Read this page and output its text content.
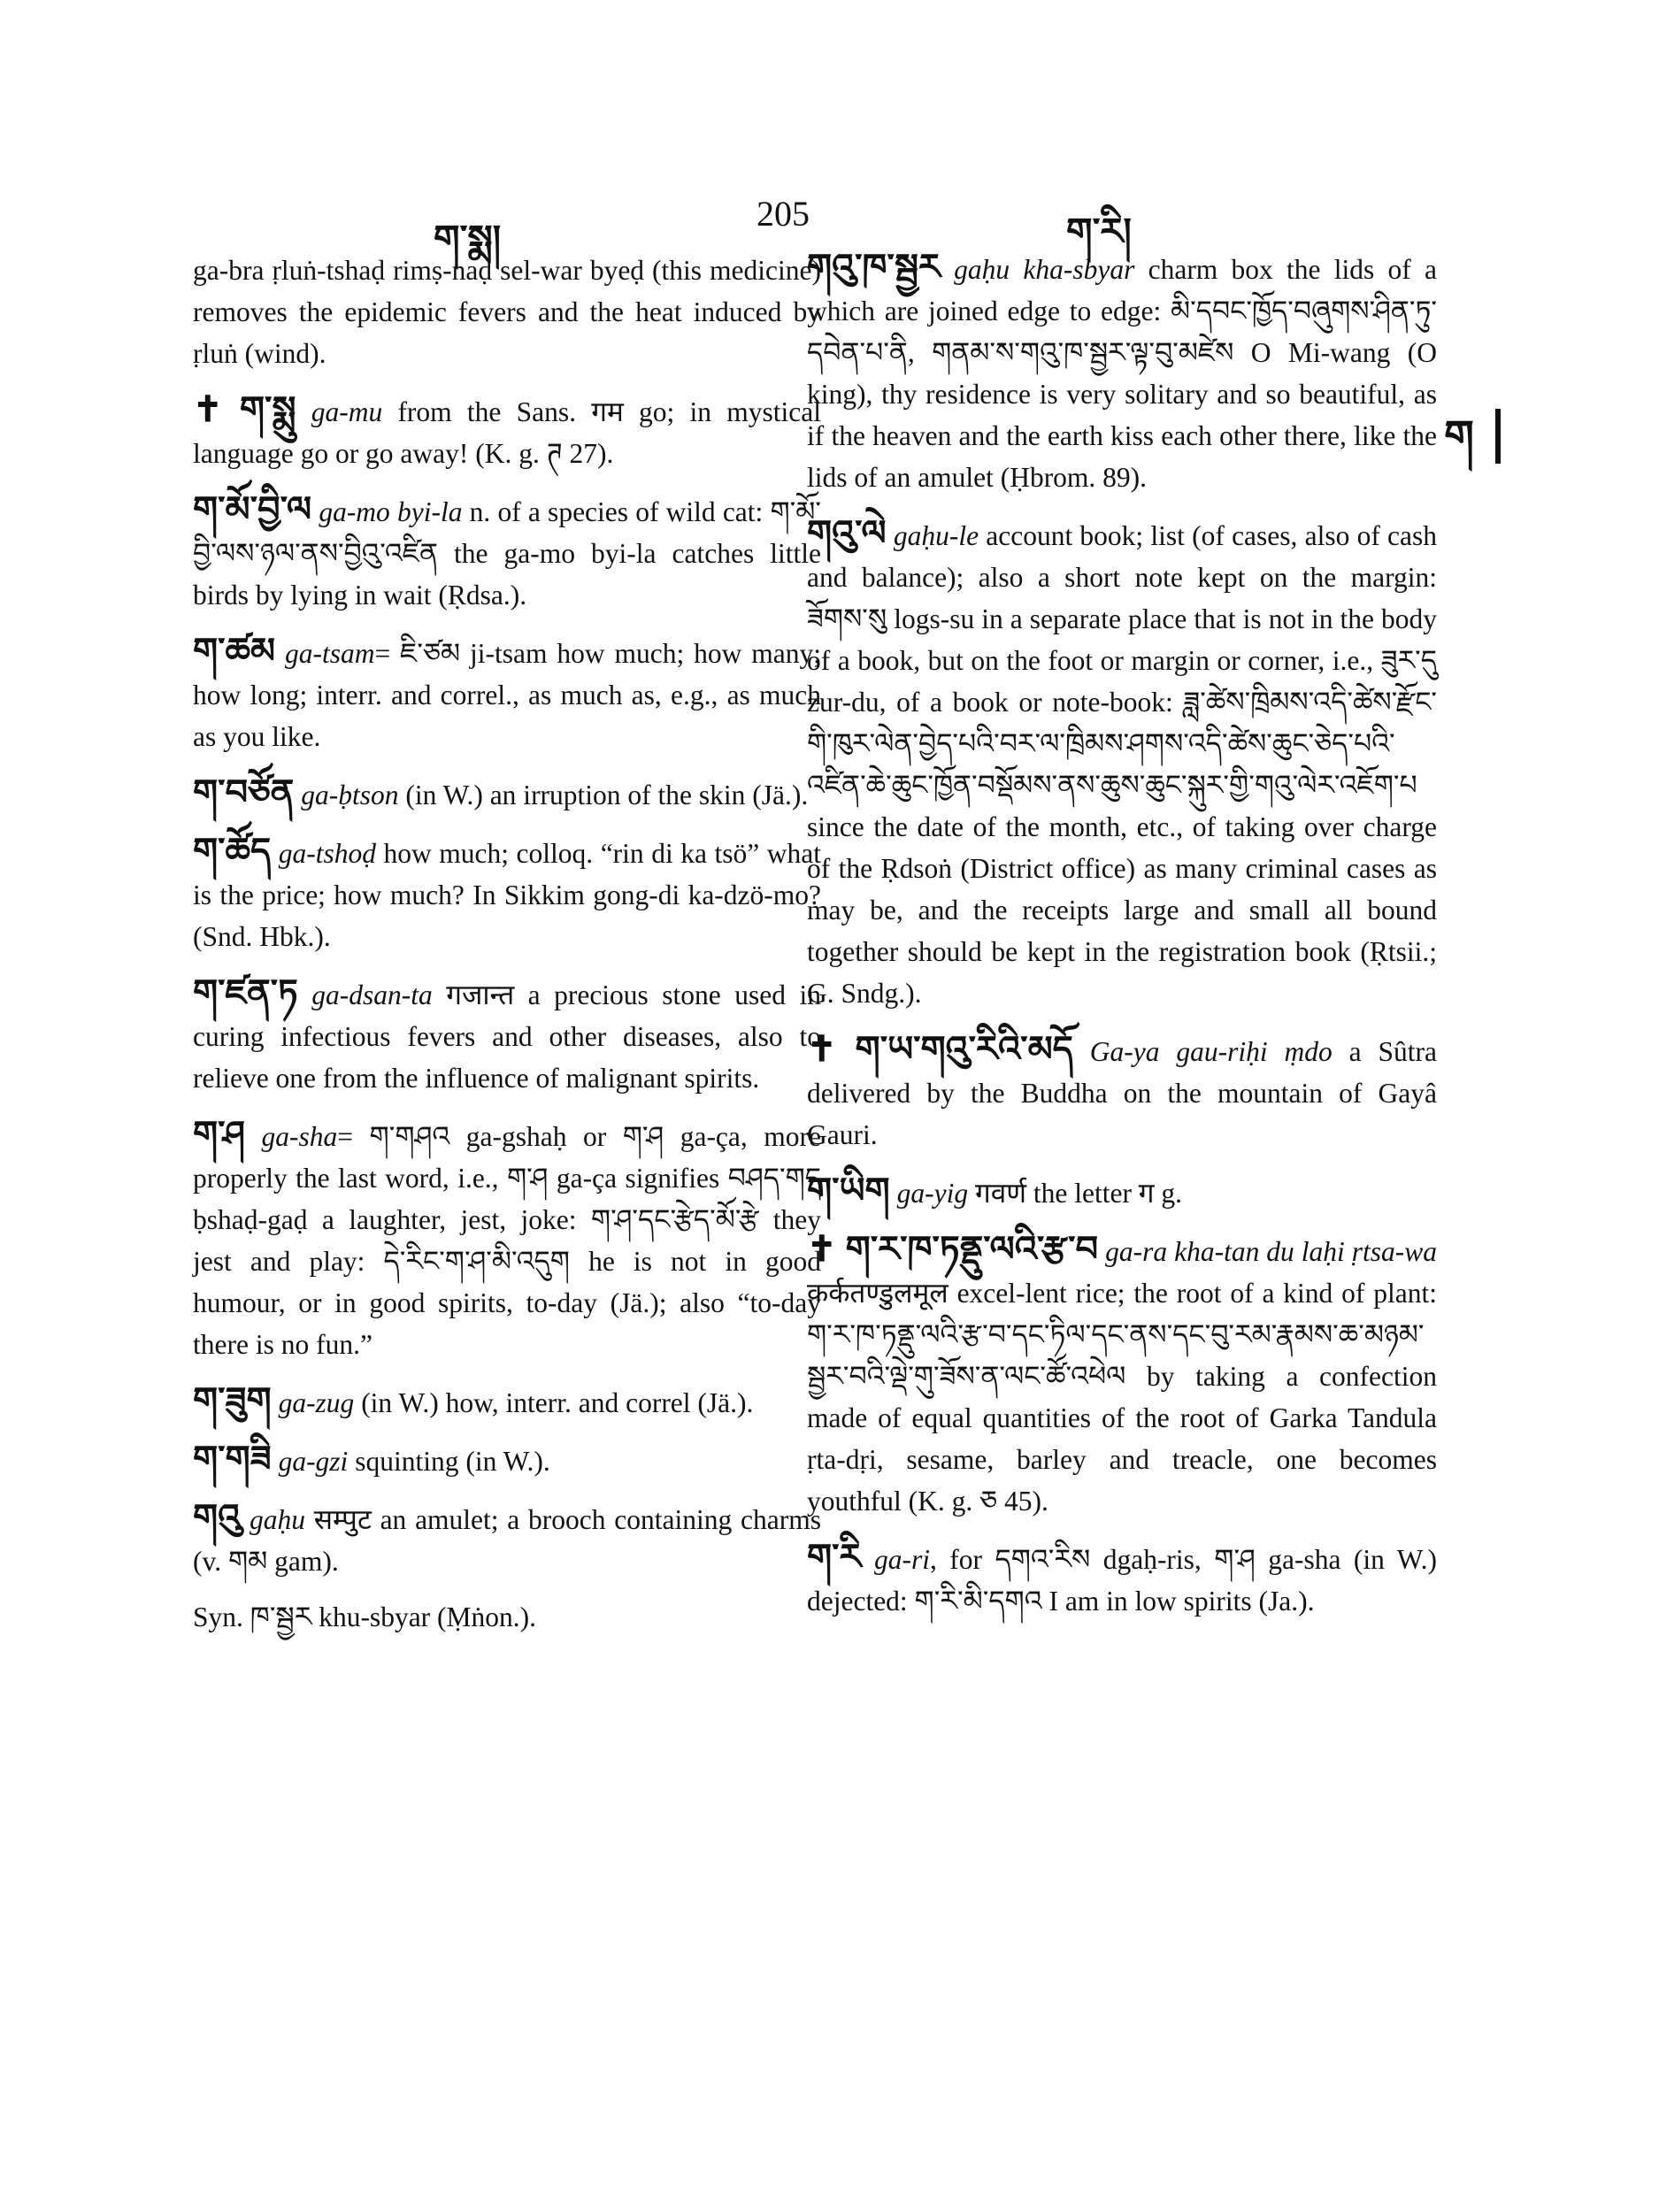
ག་སྨ།
205	ག་རི།
ག

ga-bra ṛluṅ-tshaḍ rimṣ-naḍ sel-war byeḍ (this medicine) removes the epidemic fevers and the heat induced by ṛluṅ (wind).

✝ ག་སྨུ ga-mu from the Sans. गम go; in mystical language go or go away! (K. g. ཊ 27).

ག་མོ་བྱི་ལ ga-mo byi-la n. of a species of wild cat: ག་མོ་བྱི་ལས་ཉལ་ནས་བྱིའུ་འཛིན the ga-mo byi-la catches little birds by lying in wait (Ṛdsa.).

ག་ཚམ ga-tsam= ཇི་ཙམ ji-tsam how much; how many; how long; interr. and correl., as much as, e.g., as much as you like.

ག་བཙོན ga-ḅtson (in W.) an irruption of the skin (Jä.).

ག་ཚོད ga-tshoḍ how much; colloq. “rin di ka tsö” what is the price; how much? In Sikkim gong-di ka-dzö-mo? (Snd. Hbk.).

ག་ཛན་ཏ ga-dsan-ta गजान्त a precious stone used in curing infectious fevers and other diseases, also to relieve one from the influence of malignant spirits.

ག་ཤ ga-sha= ག་གཤའ ga-gshaḥ or ག་ཤ ga-ça, more properly the last word, i.e., ག་ཤ ga-ça signifies བཤད་གད ḅshaḍ-gaḍ a laughter, jest, joke: ག་ཤ་དང་རྩེད་མོ་རྩེ they jest and play: དེ་རིང་ག་ཤ་མི་འདུག he is not in good humour, or in good spirits, to-day (Jä.); also “to-day there is no fun.”

ག་ཟུག ga-zug (in W.) how, interr. and correl (Jä.).

ག་གཟི ga-gzi squinting (in W.).

གའུ gaḥu सम्पुट an amulet; a brooch containing charms (v. གམ gam).

Syn. ཁ་སྦྱར khu-sbyar (Ṃṅon.).

གའུ་ཁ་སྦྱར gaḥu kha-sbyar charm box the lids of a which are joined edge to edge: མི་དབང་ཁྱོད་བཞུགས་ཤིན་ཏུ་དབེན་པ་ནི, གནམ་ས་གའུ་ཁ་སྦྱར་ལྟ་བུ་མཛེས O Mi-wang (O king), thy residence is very solitary and so beautiful, as if the heaven and the earth kiss each other there, like the lids of an amulet (Ḥbrom. 89).

གའུ་ལེ gaḥu-le account book; list (of cases, also of cash and balance); also a short note kept on the margin: ཟོགས་སུ logs-su in a separate place that is not in the body of a book, but on the foot or margin or corner, i.e., ཟུར་དུ zur-du, of a book or note-book: ཟླ་ཚེས་ཁྲིམས་འདི་ཚེས་རྫོང་གི་ཁུར་ལེན་བྱེད་པའི་བར་ལ་ཁྲིམས་ཤགས་འདི་ཚེས་ཆུང་ཅེད་པའི་འཛིན་ཆེ་ཆུང་ཁྱོན་བསྡོམས་ནས་ཆུས་ཆུང་སྐུར་གྱི་གའུ་ལེར་འཇོག་པ since the date of the month, etc., of taking over charge of the Ṛdsoṅ (District office) as many criminal cases as may be, and the receipts large and small all bound together should be kept in the registration book (Ṛtsii.; G. Sndg.).

✝ ག་ཡ་གའུ་རིའི་མདོ Ga-ya gau-riḥi ṃdo a Sûtra delivered by the Buddha on the mountain of Gayâ Gauri.

ག་ཡིག ga-yig गवर्ण the letter ग g.

✝ ག་ར་ཁ་ཏནྡུ་ལའི་རྩ་བ ga-ra kha-tan du laḥi ṛtsa-wa कर्कतण्डुलमूल excel-lent rice; the root of a kind of plant: ག་ར་ཁ་ཏནྡུ་ལའི་རྩ་བ་དང་ཏིལ་དང་ནས་དང་བུ་རམ་རྣམས་ཆ་མཉམ་སྦྱར་བའི་ལྡེ་གུ་ཟོས་ན་ལང་ཚོ་འཕེལ by taking a confection made of equal quantities of the root of Garka Tandula ṛta-dṛi, sesame, barley and treacle, one becomes youthful (K. g. ཅ 45).

ག་རི ga-ri, for དགའ་རིས dgaḥ-ris, ག་ཤ ga-sha (in W.) dejected: ག་རི་མི་དགའ I am in low spirits (Ja.).
